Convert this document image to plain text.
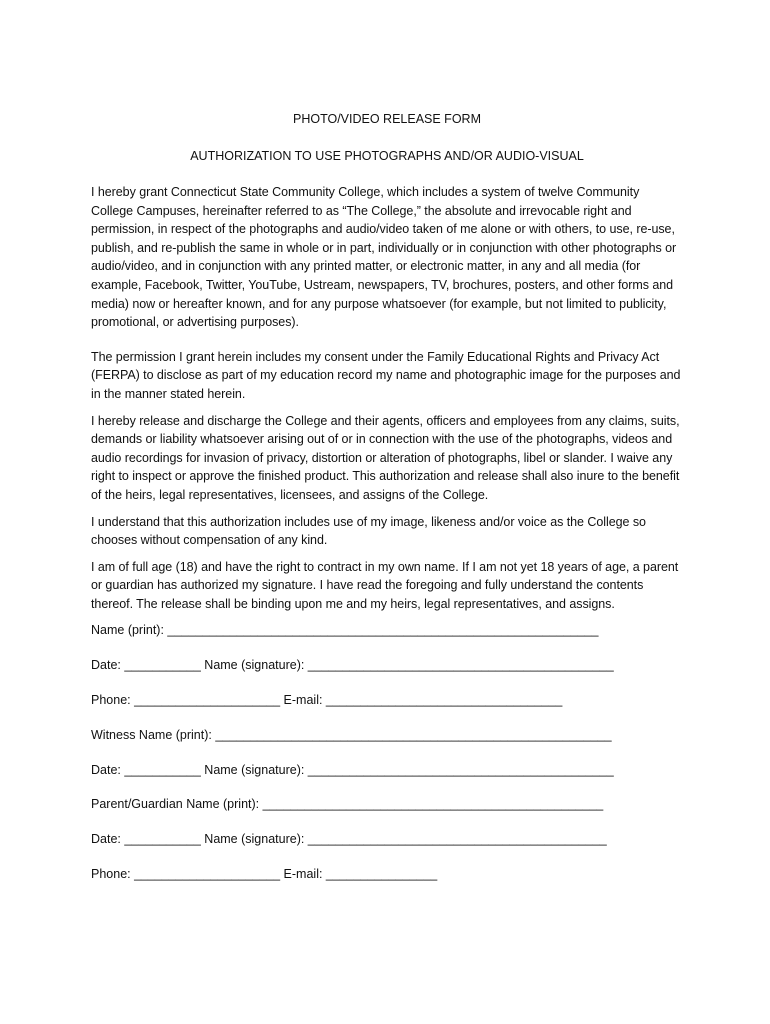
PHOTO/VIDEO RELEASE FORM
AUTHORIZATION TO USE PHOTOGRAPHS AND/OR AUDIO-VISUAL

I hereby grant Connecticut State Community College, which includes a system of twelve Community College Campuses, hereinafter referred to as “The College,” the absolute and irrevocable right and permission, in respect of the photographs and audio/video taken of me alone or with others, to use, re-use, publish, and re-publish the same in whole or in part, individually or in conjunction with other photographs or audio/video, and in conjunction with any printed matter, or electronic matter, in any and all media (for example, Facebook, Twitter, YouTube, Ustream, newspapers, TV, brochures, posters, and other forms and media) now or hereafter known, and for any purpose whatsoever (for example, but not limited to publicity, promotional, or advertising purposes).

The permission I grant herein includes my consent under the Family Educational Rights and Privacy Act (FERPA) to disclose as part of my education record my name and photographic image for the purposes and in the manner stated herein.

I hereby release and discharge the College and their agents, officers and employees from any claims, suits, demands or liability whatsoever arising out of or in connection with the use of the photographs, videos and audio recordings for invasion of privacy, distortion or alteration of photographs, libel or slander. I waive any right to inspect or approve the finished product. This authorization and release shall also inure to the benefit of the heirs, legal representatives, licensees, and assigns of the College.

I understand that this authorization includes use of my image, likeness and/or voice as the College so chooses without compensation of any kind.

I am of full age (18) and have the right to contract in my own name. If I am not yet 18 years of age, a parent or guardian has authorized my signature. I have read the foregoing and fully understand the contents thereof. The release shall be binding upon me and my heirs, legal representatives, and assigns.

Name (print): ______________________________________________________________
Date: ___________ Name (signature): ____________________________________________
Phone: _____________________ E-mail: __________________________________
Witness Name (print): _________________________________________________________
Date: ___________ Name (signature): ____________________________________________
Parent/Guardian Name (print): _________________________________________________
Date: ___________ Name (signature): ___________________________________________
Phone: _____________________ E-mail: ________________
